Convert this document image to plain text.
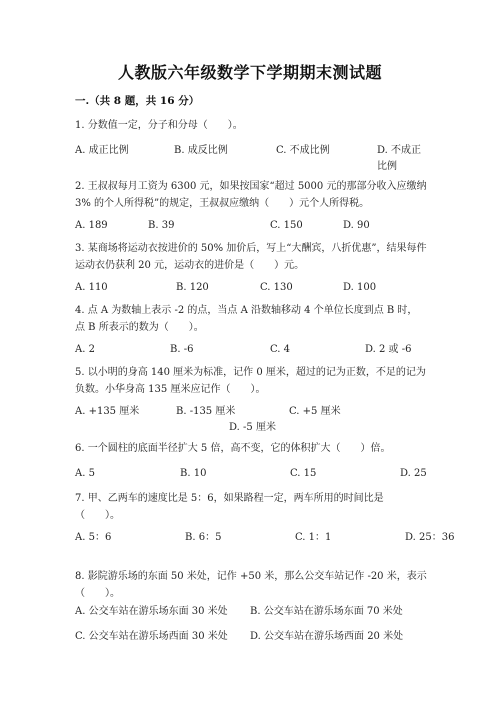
人教版六年级数学下学期期末测试题
一.（共 8 题，共 16 分）
1. 分数值一定，分子和分母（　　）。
A. 成正比例	B. 成反比例	C. 不成比例	D. 不成正比例
2. 王叔叔每月工资为 6300 元，如果按国家“超过 5000 元的那部分收入应缴纳 3% 的个人所得税”的规定，王叔叔应缴纳（　　）元个人所得税。
A. 189	B. 39	C. 150	D. 90
3. 某商场将运动衣按进价的 50% 加价后，写上“大酬宾，八折优惠”，结果每件运动衣仍获利 20 元，运动衣的进价是（　　）元。
A. 110	B. 120	C. 130	D. 100
4. 点 A 为数轴上表示 -2 的点，当点 A 沿数轴移动 4 个单位长度到点 B 时，点 B 所表示的数为（　　）。
A. 2	B. -6	C. 4	D. 2 或 -6
5. 以小明的身高 140 厘米为标准，记作 0 厘米，超过的记为正数，不足的记为负数。小华身高 135 厘米应记作（　　）。
A. +135 厘米	B. -135 厘米	C. +5 厘米
D. -5 厘米
6. 一个圆柱的底面半径扩大 5 倍，高不变，它的体积扩大（　　）倍。
A. 5	B. 10	C. 15	D. 25
7. 甲、乙两车的速度比是 5：6，如果路程一定，两车所用的时间比是（　　）。
A. 5：6	B. 6：5	C. 1：1	D. 25：36
8. 影院游乐场的东面 50 米处，记作 +50 米，那么公交车站记作 -20 米，表示（　　）。
A. 公交车站在游乐场东面 30 米处 B. 公交车站在游乐场东面 70 米处
C. 公交车站在游乐场西面 30 米处 D. 公交车站在游乐场西面 20 米处
